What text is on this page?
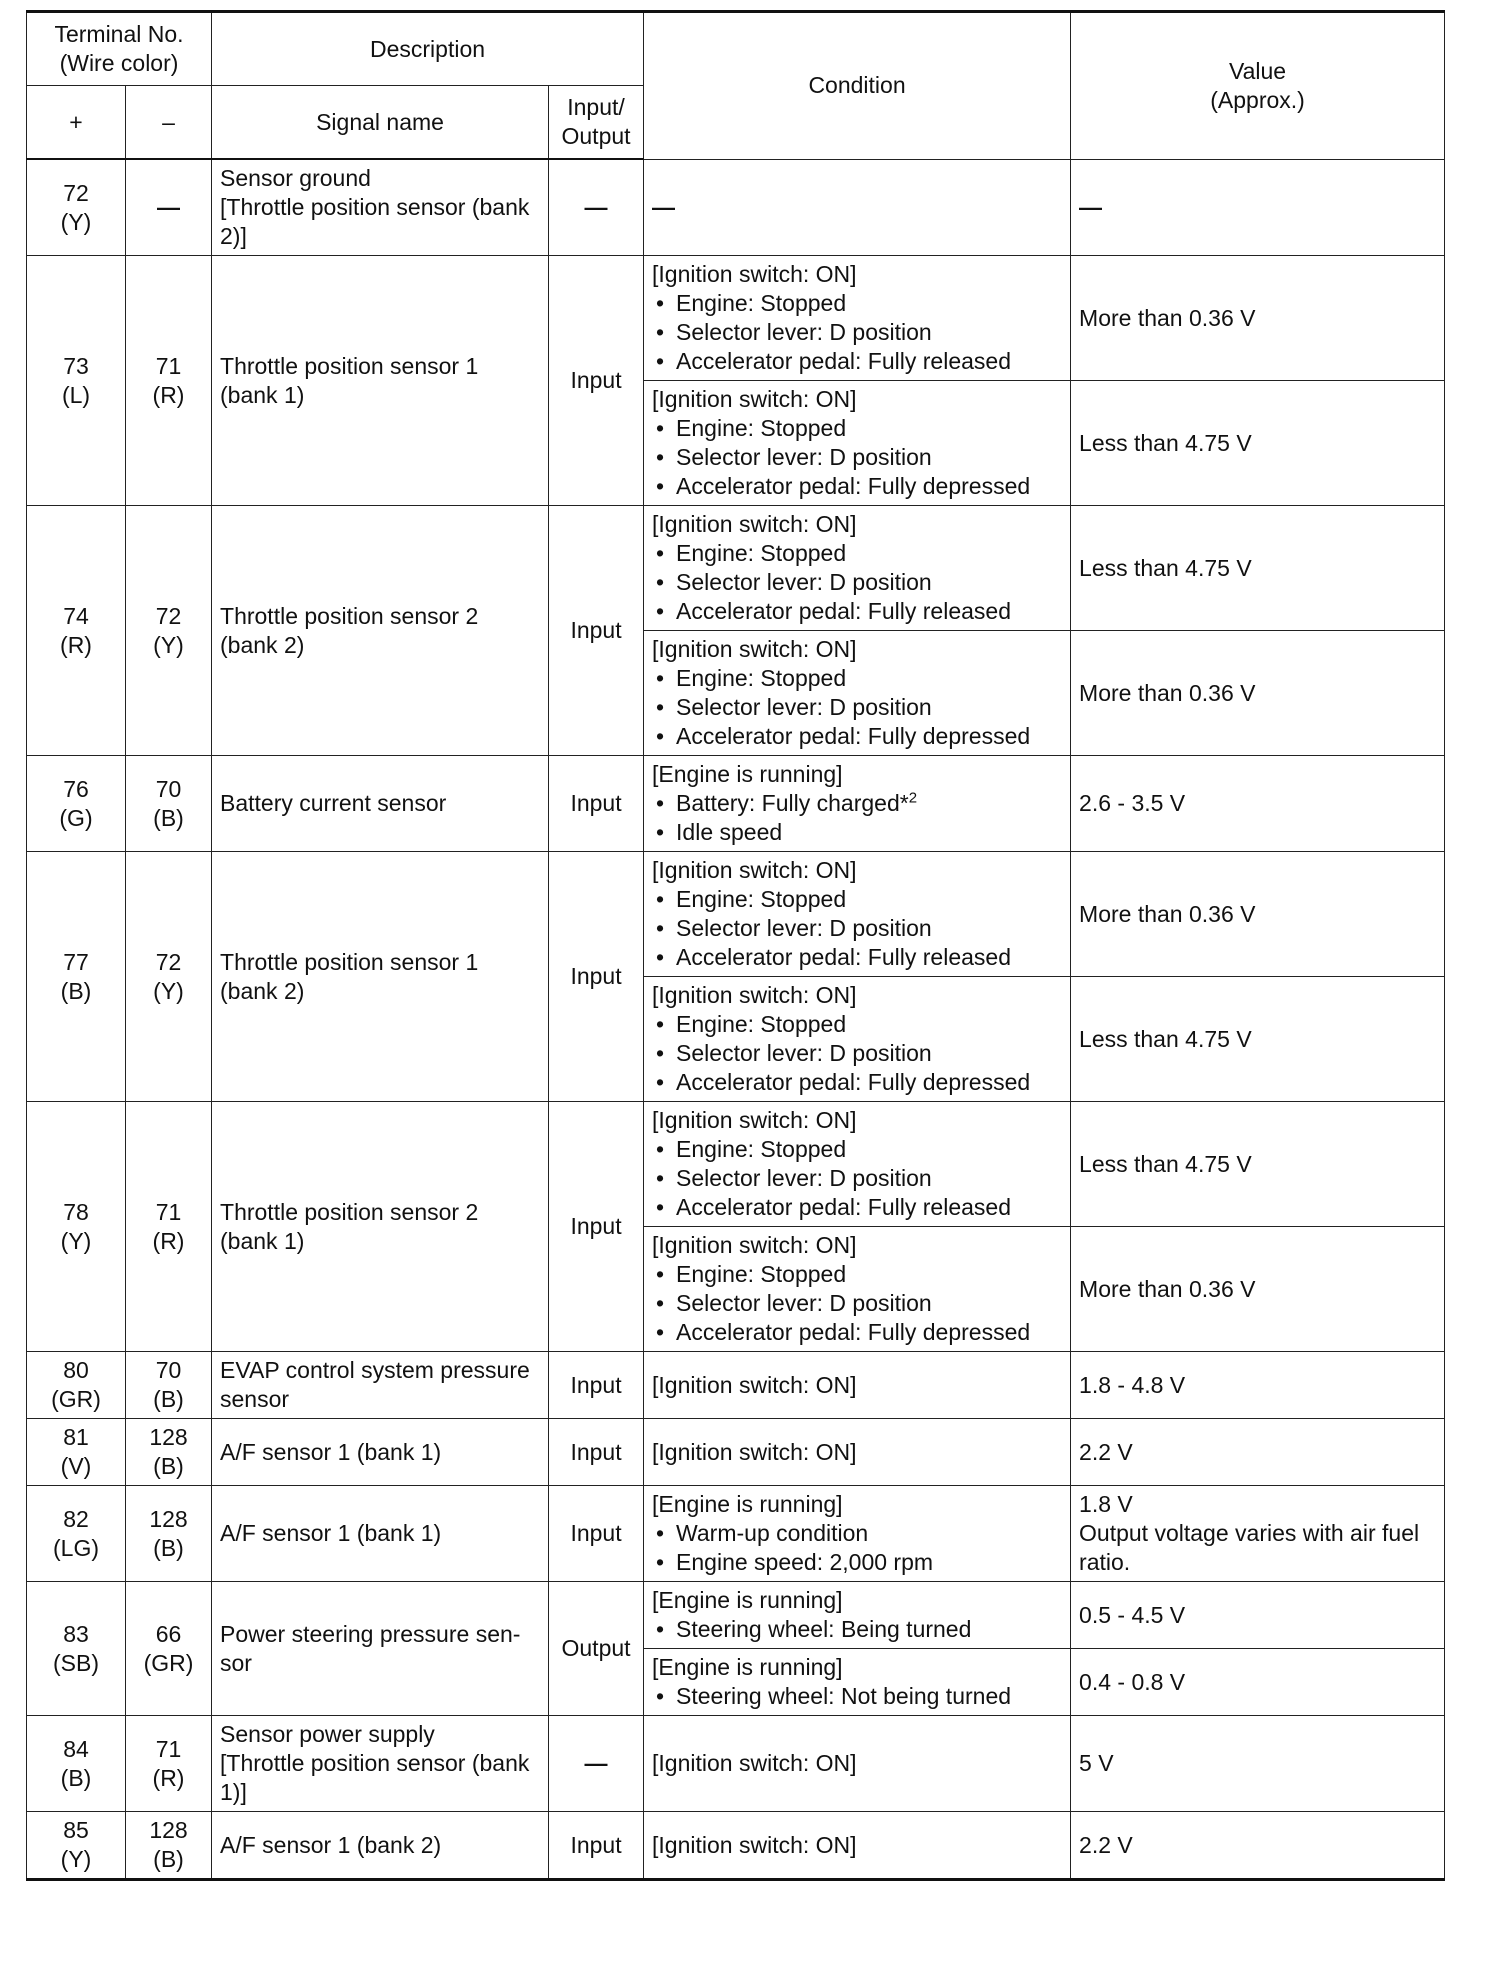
Terminal No.
(Wire color)		Description		Condition	Value
(Approx.)

+	–	Signal name	Input/
Output		

72
(Y)	—	Sensor ground
[Throttle position sensor (bank
2)]	—	—	—

73
(L)	71
(R)	Throttle position sensor 1
(bank 1)	Input	[Ignition switch: ON]
• Engine: Stopped
• Selector lever: D position
• Accelerator pedal: Fully released	More than 0.36 V

				[Ignition switch: ON]
• Engine: Stopped
• Selector lever: D position
• Accelerator pedal: Fully depressed	Less than 4.75 V

74
(R)	72
(Y)	Throttle position sensor 2
(bank 2)	Input	[Ignition switch: ON]
• Engine: Stopped
• Selector lever: D position
• Accelerator pedal: Fully released	Less than 4.75 V

				[Ignition switch: ON]
• Engine: Stopped
• Selector lever: D position
• Accelerator pedal: Fully depressed	More than 0.36 V

76
(G)	70
(B)	Battery current sensor	Input	[Engine is running]
• Battery: Fully charged*$^2$
• Idle speed	2.6 - 3.5 V

77
(B)	72
(Y)	Throttle position sensor 1
(bank 2)	Input	[Ignition switch: ON]
• Engine: Stopped
• Selector lever: D position
• Accelerator pedal: Fully released	More than 0.36 V

				[Ignition switch: ON]
• Engine: Stopped
• Selector lever: D position
• Accelerator pedal: Fully depressed	Less than 4.75 V

78
(Y)	71
(R)	Throttle position sensor 2
(bank 1)	Input	[Ignition switch: ON]
• Engine: Stopped
• Selector lever: D position
• Accelerator pedal: Fully released	Less than 4.75 V

				[Ignition switch: ON]
• Engine: Stopped
• Selector lever: D position
• Accelerator pedal: Fully depressed	More than 0.36 V

80
(GR)	70
(B)	EVAP control system pressure
sensor	Input	[Ignition switch: ON]	1.8 - 4.8 V

81
(V)	128
(B)	A/F sensor 1 (bank 1)	Input	[Ignition switch: ON]	2.2 V

82
(LG)	128
(B)	A/F sensor 1 (bank 1)	Input	[Engine is running]
• Warm-up condition
• Engine speed: 2,000 rpm	1.8 V
Output voltage varies with air fuel
ratio.

83
(SB)	66
(GR)	Power steering pressure sen-
sor	Output	[Engine is running]
• Steering wheel: Being turned	0.5 - 4.5 V

				[Engine is running]
• Steering wheel: Not being turned	0.4 - 0.8 V

84
(B)	71
(R)	Sensor power supply
[Throttle position sensor (bank
1)]	—	[Ignition switch: ON]	5 V

85
(Y)	128
(B)	A/F sensor 1 (bank 2)	Input	[Ignition switch: ON]	2.2 V
